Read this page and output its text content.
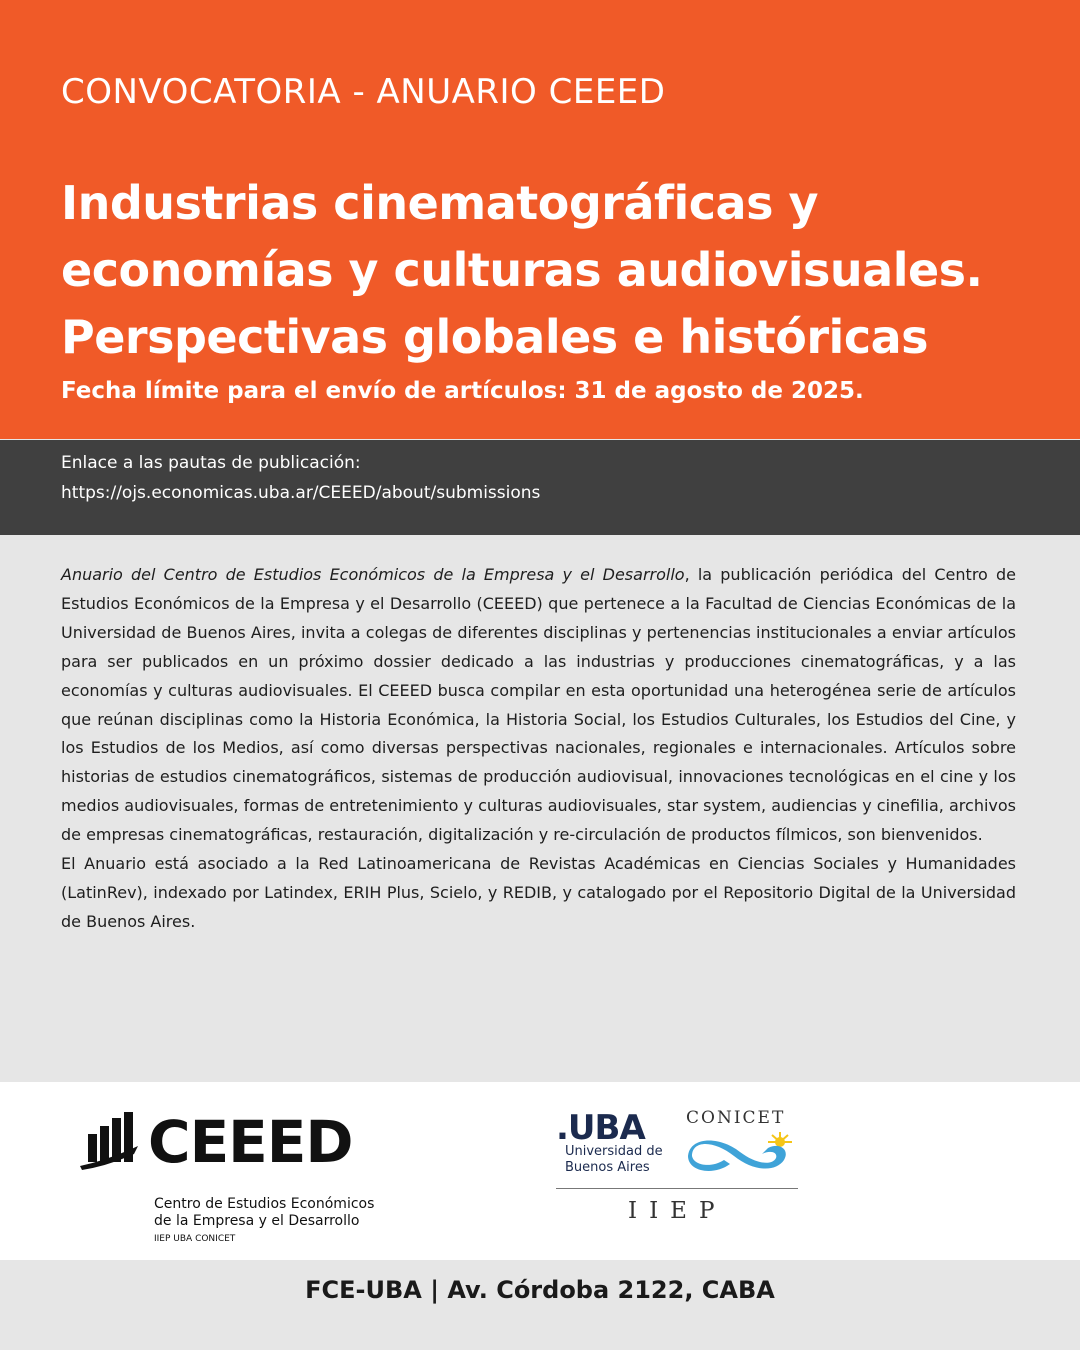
CONVOCATORIA - ANUARIO CEEED
Industrias cinematográficas y
economías y culturas audiovisuales.
Perspectivas globales e históricas
Fecha límite para el envío de artículos: 31 de agosto de 2025.
Enlace a las pautas de publicación:
https://ojs.economicas.uba.ar/CEEED/about/submissions

Anuario del Centro de Estudios Económicos de la Empresa y el Desarrollo, la publicación periódica del Centro de Estudios Económicos de la Empresa y el Desarrollo (CEEED) que pertenece a la Facultad de Ciencias Económicas de la Universidad de Buenos Aires, invita a colegas de diferentes disciplinas y pertenencias institucionales a enviar artículos para ser publicados en un próximo dossier dedicado a las industrias y producciones cinematográficas, y a las economías y culturas audiovisuales. El CEEED busca compilar en esta oportunidad una heterogénea serie de artículos que reúnan disciplinas como la Historia Económica, la Historia Social, los Estudios Culturales, los Estudios del Cine, y los Estudios de los Medios, así como diversas perspectivas nacionales, regionales e internacionales. Artículos sobre historias de estudios cinematográficos, sistemas de producción audiovisual, innovaciones tecnológicas en el cine y los medios audiovisuales, formas de entretenimiento y culturas audiovisuales, star system, audiencias y cinefilia, archivos de empresas cinematográficas, restauración, digitalización y re-circulación de productos fílmicos, son bienvenidos.

El Anuario está asociado a la Red Latinoamericana de Revistas Académicas en Ciencias Sociales y Humanidades (LatinRev), indexado por Latindex, ERIH Plus, Scielo, y REDIB, y catalogado por el Repositorio Digital de la Universidad de Buenos Aires.

CEEED
Centro de Estudios Económicos
de la Empresa y el Desarrollo
IIEP UBA CONICET
.UBA
Universidad de
Buenos Aires
CONICET
IIEP
FCE-UBA | Av. Córdoba 2122, CABA
